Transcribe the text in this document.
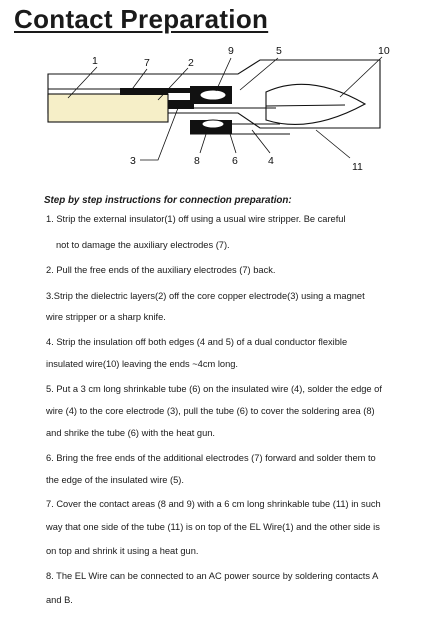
Contact Preparation
1	7	2
9	5	10
3	8	6	4	11

Step by step instructions for connection preparation:

1. Strip the external insulator(1) off using a usual wire stripper. Be careful

not to damage the auxiliary electrodes (7).

2. Pull the free ends of the auxiliary electrodes (7) back.

3.Strip the dielectric layers(2) off the core copper electrode(3) using a magnet

wire stripper or a sharp knife.

4. Strip the insulation off both edges (4 and 5) of a dual conductor flexible

insulated wire(10) leaving the ends ~4cm long.

5. Put a 3 cm long shrinkable tube (6) on the insulated wire (4), solder the edge of

wire (4) to the core electrode (3), pull the tube (6) to cover the soldering area (8)

and shrike the tube (6) with the heat gun.

6. Bring the free ends of the additional electrodes (7) forward and solder them to

the edge of the insulated wire (5).

7. Cover the contact areas (8 and 9) with a 6 cm long shrinkable tube (11) in such

way that one side of the tube (11) is on top of the EL Wire(1) and the other side is

on top and shrink it using a heat gun.

8. The EL Wire can be connected to an AC power source by soldering contacts A

and B.
